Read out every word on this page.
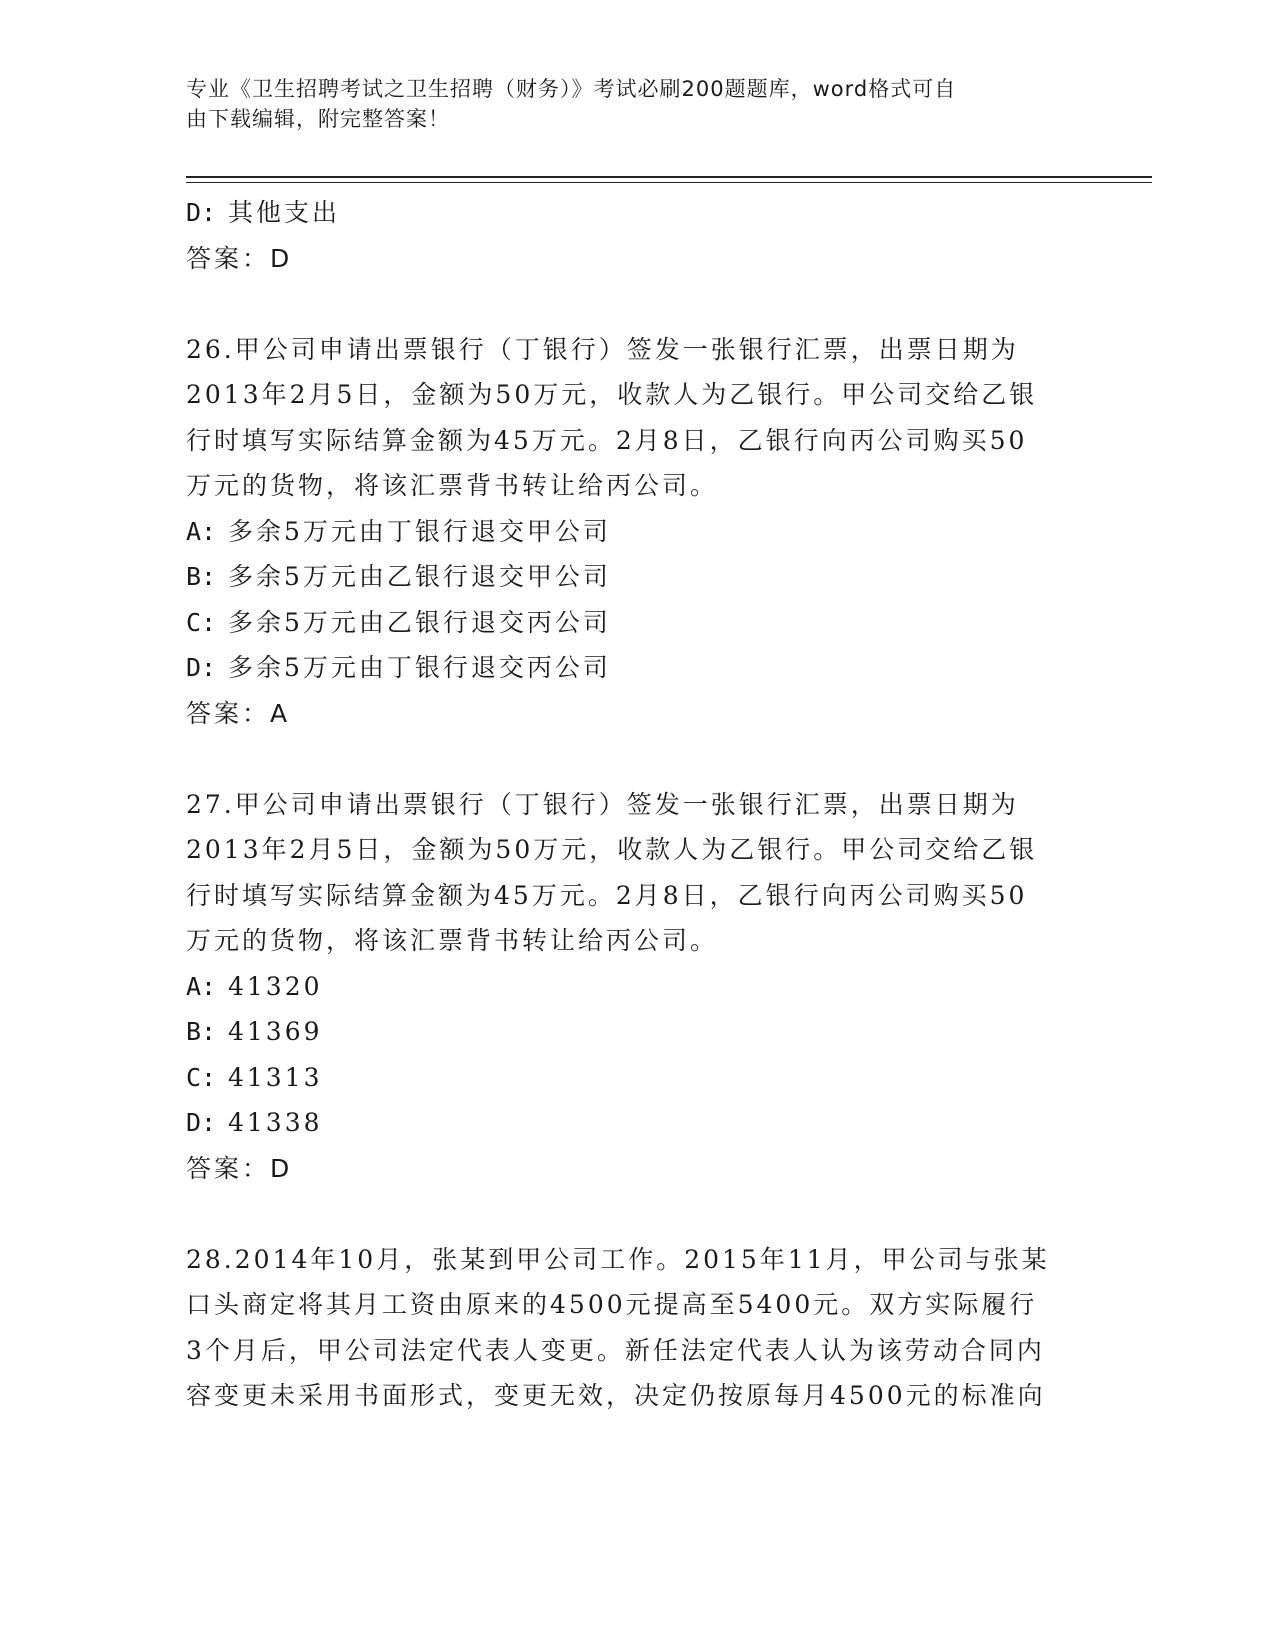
专业《卫生招聘考试之卫生招聘（财务）》考试必刷200题题库，word格式可自
由下载编辑，附完整答案！
D: 其他支出
答案：D
26.甲公司申请出票银行（丁银行）签发一张银行汇票，出票日期为
2013年2月5日，金额为50万元，收款人为乙银行。甲公司交给乙银
行时填写实际结算金额为45万元。2月8日，乙银行向丙公司购买50
万元的货物，将该汇票背书转让给丙公司。
A: 多余5万元由丁银行退交甲公司
B: 多余5万元由乙银行退交甲公司
C: 多余5万元由乙银行退交丙公司
D: 多余5万元由丁银行退交丙公司
答案：A
27.甲公司申请出票银行（丁银行）签发一张银行汇票，出票日期为
2013年2月5日，金额为50万元，收款人为乙银行。甲公司交给乙银
行时填写实际结算金额为45万元。2月8日，乙银行向丙公司购买50
万元的货物，将该汇票背书转让给丙公司。
A: 41320
B: 41369
C: 41313
D: 41338
答案：D
28.2014年10月，张某到甲公司工作。2015年11月，甲公司与张某
口头商定将其月工资由原来的4500元提高至5400元。双方实际履行
3个月后，甲公司法定代表人变更。新任法定代表人认为该劳动合同内
容变更未采用书面形式，变更无效，决定仍按原每月4500元的标准向
